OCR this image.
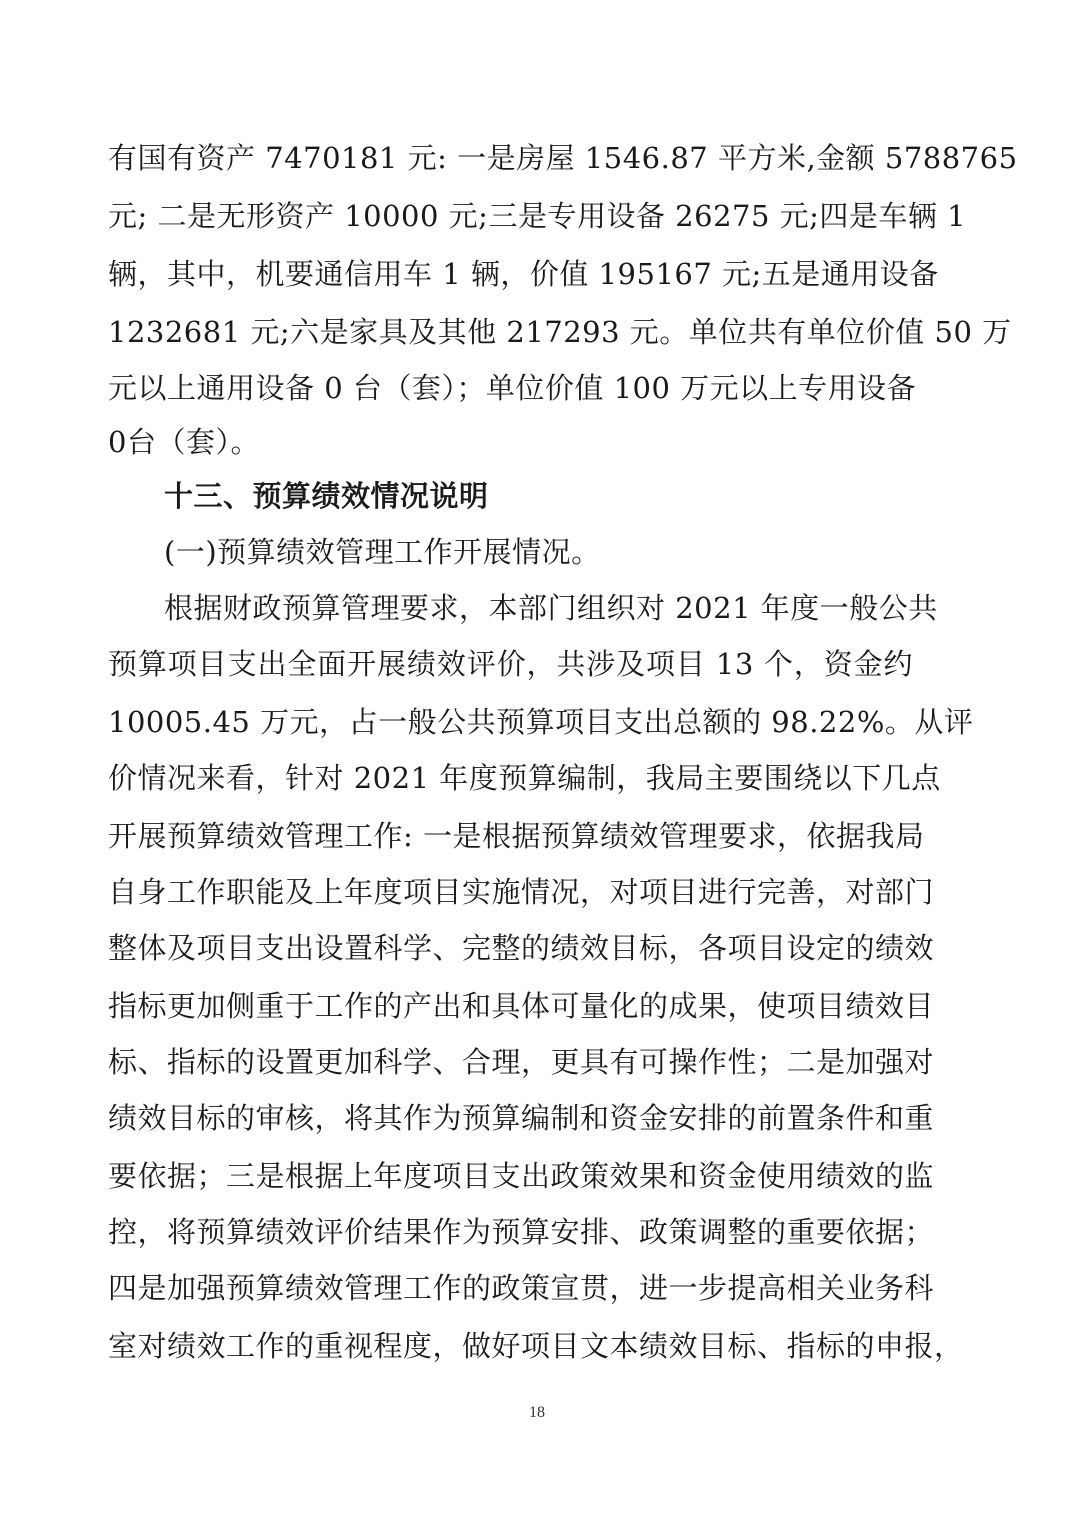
有国有资产 7470181 元: 一是房屋 1546.87 平方米,金额 5788765
元; 二是无形资产 10000 元;三是专用设备 26275 元;四是车辆 1
辆，其中，机要通信用车 1 辆，价值 195167 元;五是通用设备
1232681 元;六是家具及其他 217293 元。单位共有单位价值 50 万
元以上通用设备 0 台（套）；单位价值 100 万元以上专用设备
0台（套）。
十三、预算绩效情况说明
(一)预算绩效管理工作开展情况。
根据财政预算管理要求，本部门组织对 2021 年度一般公共
预算项目支出全面开展绩效评价，共涉及项目 13 个，资金约
10005.45 万元，占一般公共预算项目支出总额的 98.22%。从评
价情况来看，针对 2021 年度预算编制，我局主要围绕以下几点
开展预算绩效管理工作: 一是根据预算绩效管理要求，依据我局
自身工作职能及上年度项目实施情况，对项目进行完善，对部门
整体及项目支出设置科学、完整的绩效目标，各项目设定的绩效
指标更加侧重于工作的产出和具体可量化的成果，使项目绩效目
标、指标的设置更加科学、合理，更具有可操作性；二是加强对
绩效目标的审核，将其作为预算编制和资金安排的前置条件和重
要依据；三是根据上年度项目支出政策效果和资金使用绩效的监
控，将预算绩效评价结果作为预算安排、政策调整的重要依据；
四是加强预算绩效管理工作的政策宣贯，进一步提高相关业务科
室对绩效工作的重视程度，做好项目文本绩效目标、指标的申报，
18
